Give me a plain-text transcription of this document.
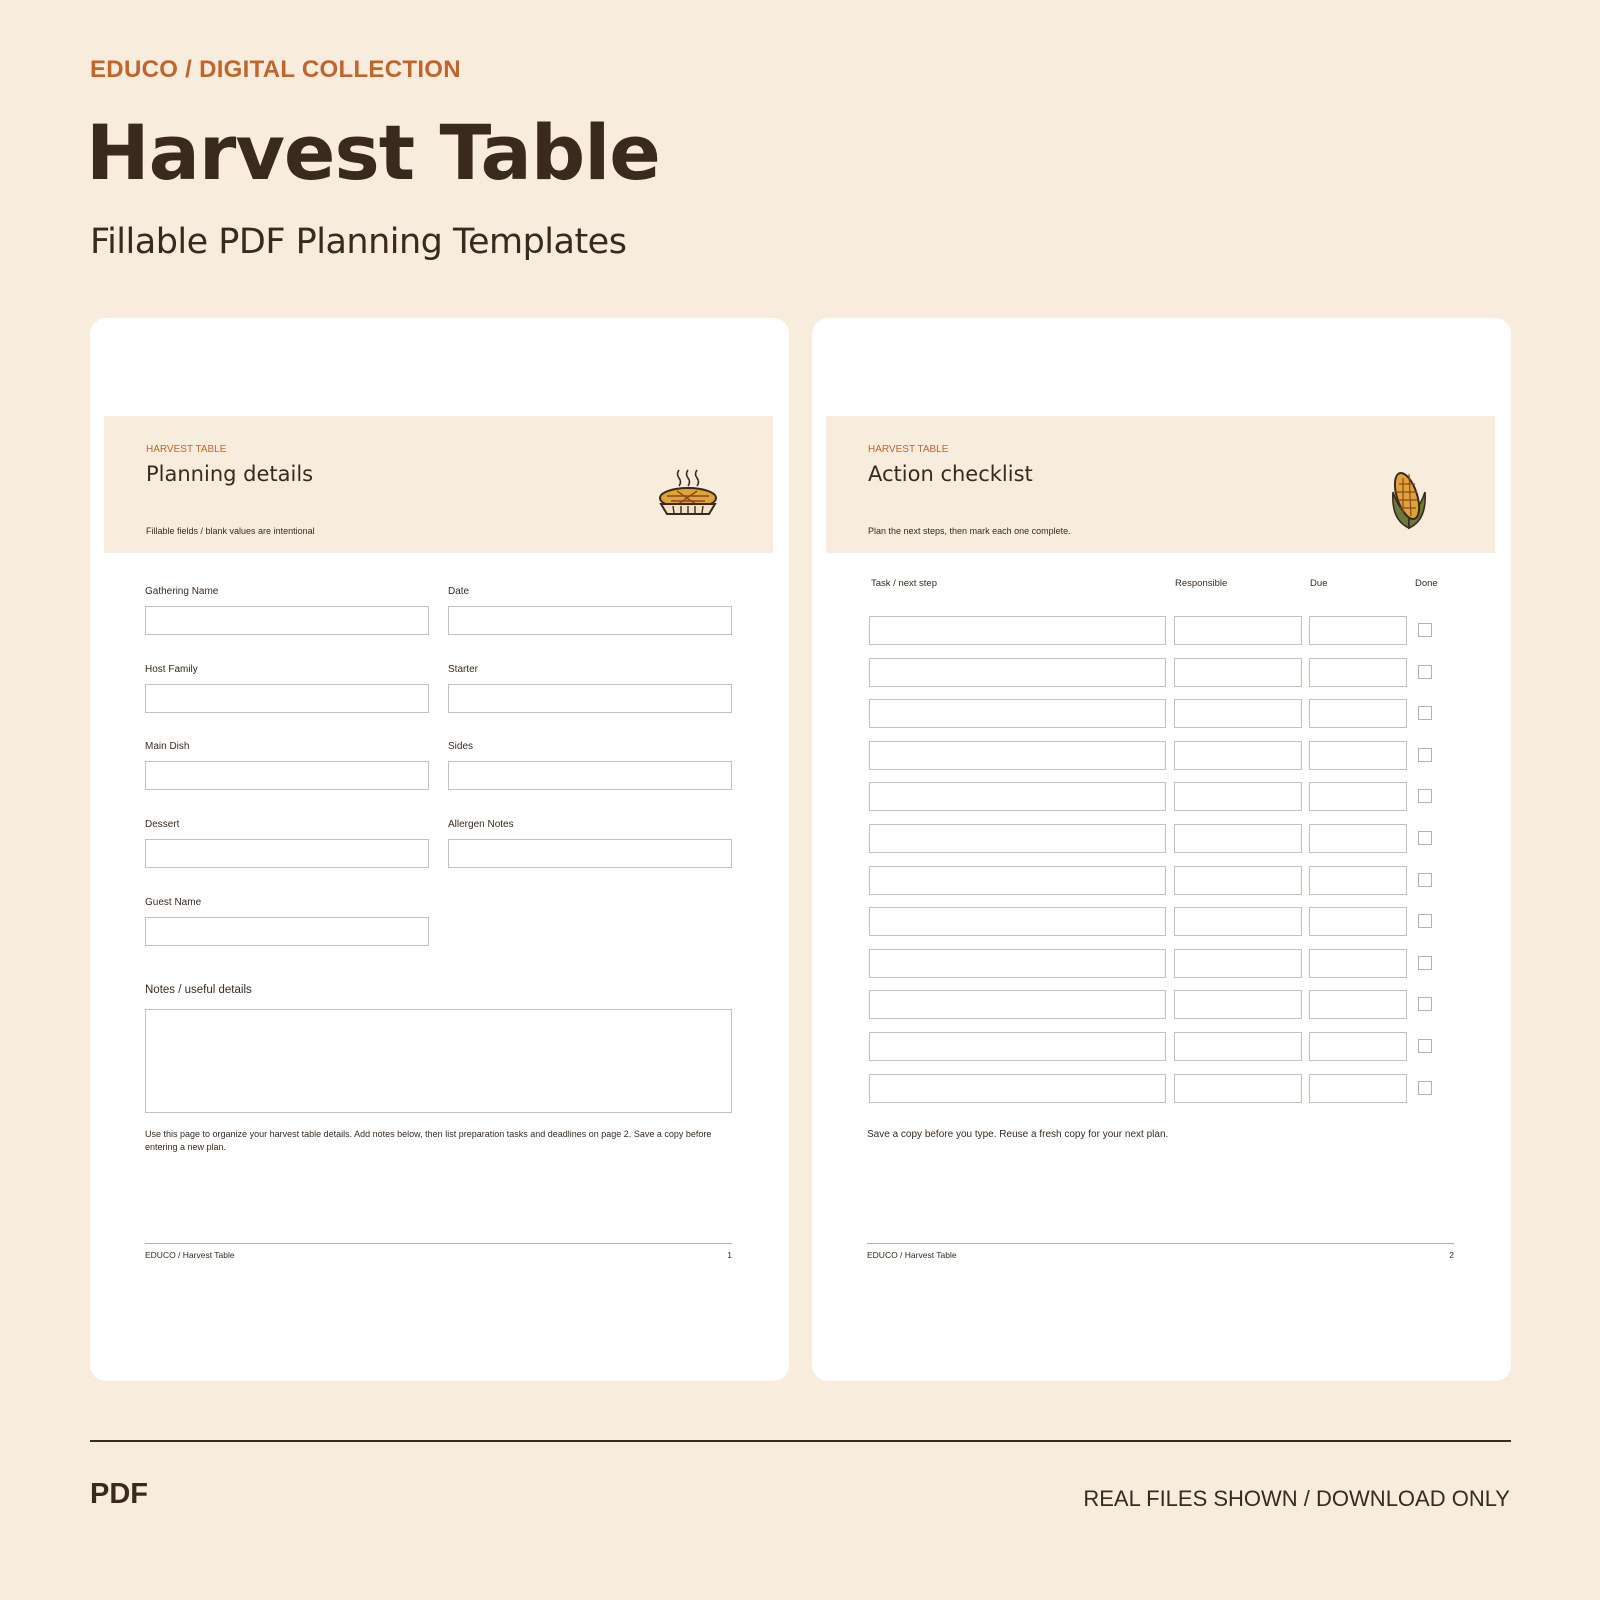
EDUCO / DIGITAL COLLECTION
Harvest Table
Fillable PDF Planning Templates
HARVEST TABLE
Planning details
Fillable fields / blank values are intentional
Gathering Name	Date
Host Family	Starter
Main Dish	Sides
Dessert	Allergen Notes
Guest Name
Notes / useful details
Use this page to organize your harvest table details. Add notes below, then list preparation tasks and deadlines on page 2. Save a copy before entering a new plan.
EDUCO / Harvest Table	1
HARVEST TABLE
Action checklist
Plan the next steps, then mark each one complete.
Task / next step	Responsible	Due	Done
Save a copy before you type. Reuse a fresh copy for your next plan.
EDUCO / Harvest Table	2
PDF	REAL FILES SHOWN / DOWNLOAD ONLY
